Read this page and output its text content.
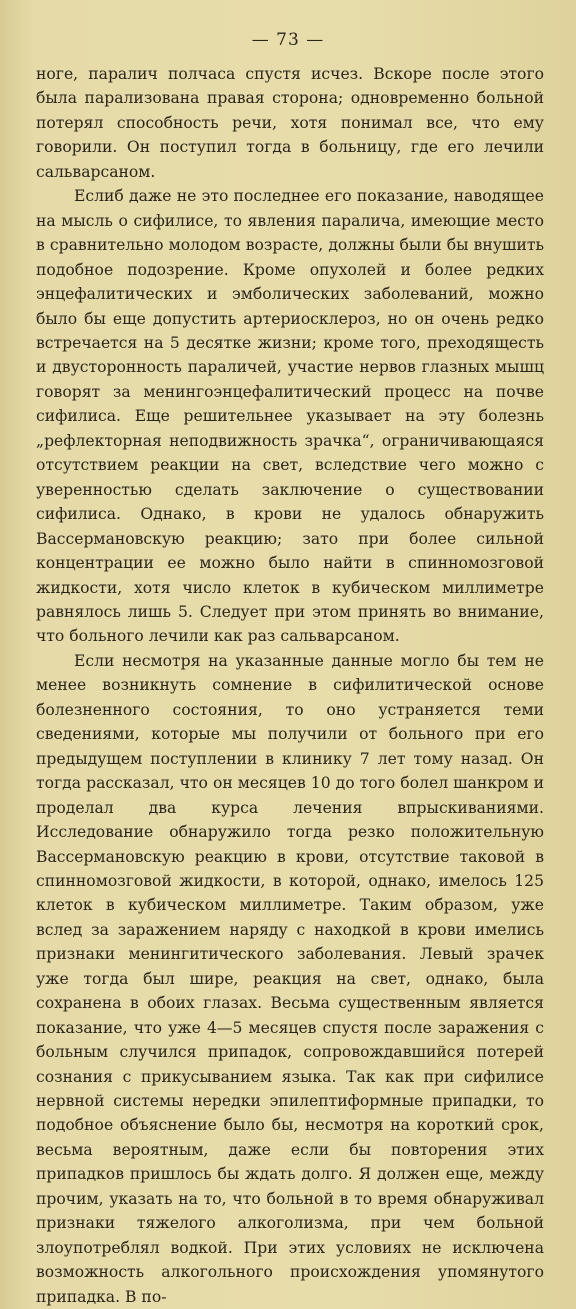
— 73 —

ноге, паралич полчаса спустя исчез. Вскоре после этого была парализована правая сторона; одновременно больной потерял способность речи, хотя понимал все, что ему говорили. Он поступил тогда в больницу, где его лечили сальварсаном.

Еслиб даже не это последнее его показание, наводящее на мысль о сифилисе, то явления паралича, имеющие место в сравнительно молодом возрасте, должны были бы внушить подобное подозрение. Кроме опухолей и более редких энцефалитических и эмболических заболеваний, можно было бы еще допустить артериосклероз, но он очень редко встречается на 5 десятке жизни; кроме того, преходящесть и двусторонность параличей, участие нервов глазных мышц говорят за менингоэнцефалитический процесс на почве сифилиса. Еще решительнее указывает на эту болезнь „рефлекторная неподвижность зрачка“, ограничивающаяся отсутствием реакции на свет, вследствие чего можно с уверенностью сделать заключение о существовании сифилиса. Однако, в крови не удалось обнаружить Вассермановскую реакцию; зато при более сильной концентрации ее можно было найти в спинномозговой жидкости, хотя число клеток в кубическом миллиметре равнялось лишь 5. Следует при этом принять во внимание, что больного лечили как раз сальварсаном.

Если несмотря на указанные данные могло бы тем не менее возникнуть сомнение в сифилитической основе болезненного состояния, то оно устраняется теми сведениями, которые мы получили от больного при его предыдущем поступлении в клинику 7 лет тому назад. Он тогда рассказал, что он месяцев 10 до того болел шанкром и проделал два курса лечения впрыскиваниями. Исследование обнаружило тогда резко положительную Вассермановскую реакцию в крови, отсутствие таковой в спинномозговой жидкости, в которой, однако, имелось 125 клеток в кубическом миллиметре. Таким образом, уже вслед за заражением наряду с находкой в крови имелись признаки менингитического заболевания. Левый зрачек уже тогда был шире, реакция на свет, однако, была сохранена в обоих глазах. Весьма существенным является показание, что уже 4—5 месяцев спустя после заражения с больным случился припадок, сопровождавшийся потерей сознания с прикусыванием языка. Так как при сифилисе нервной системы нередки эпилептиформные припадки, то подобное объяснение было бы, несмотря на короткий срок, весьма вероятным, даже если бы повторения этих припадков пришлось бы ждать долго. Я должен еще, между прочим, указать на то, что больной в то время обнаруживал признаки тяжелого алкоголизма, при чем больной злоупотреблял водкой. При этих условиях не исключена возможность алкогольного происхождения упомянутого припадка. В по-
